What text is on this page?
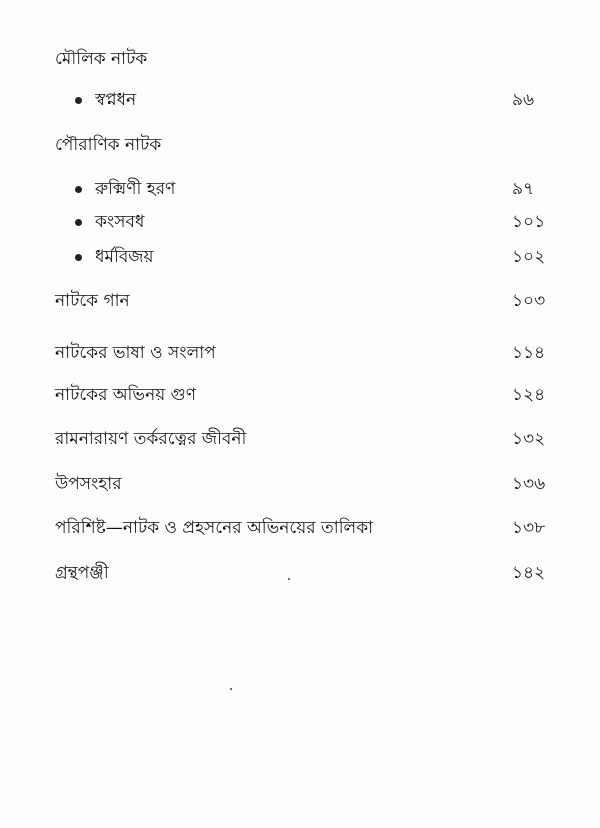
মৌলিক নাটক
স্বপ্নধন	৯৬
পৌরাণিক নাটক
রুক্মিণী হরণ	৯৭
কংসবধ	১০১
ধর্মবিজয়	১০২
নাটকে গান	১০৩
নাটকের ভাষা ও সংলাপ	১১৪
নাটকের অভিনয় গুণ	১২৪
রামনারায়ণ তর্করত্নের জীবনী	১৩২
উপসংহার	১৩৬
পরিশিষ্ট—নাটক ও প্রহসনের অভিনয়ের তালিকা	১৩৮
গ্রন্থপঞ্জী	১৪২
